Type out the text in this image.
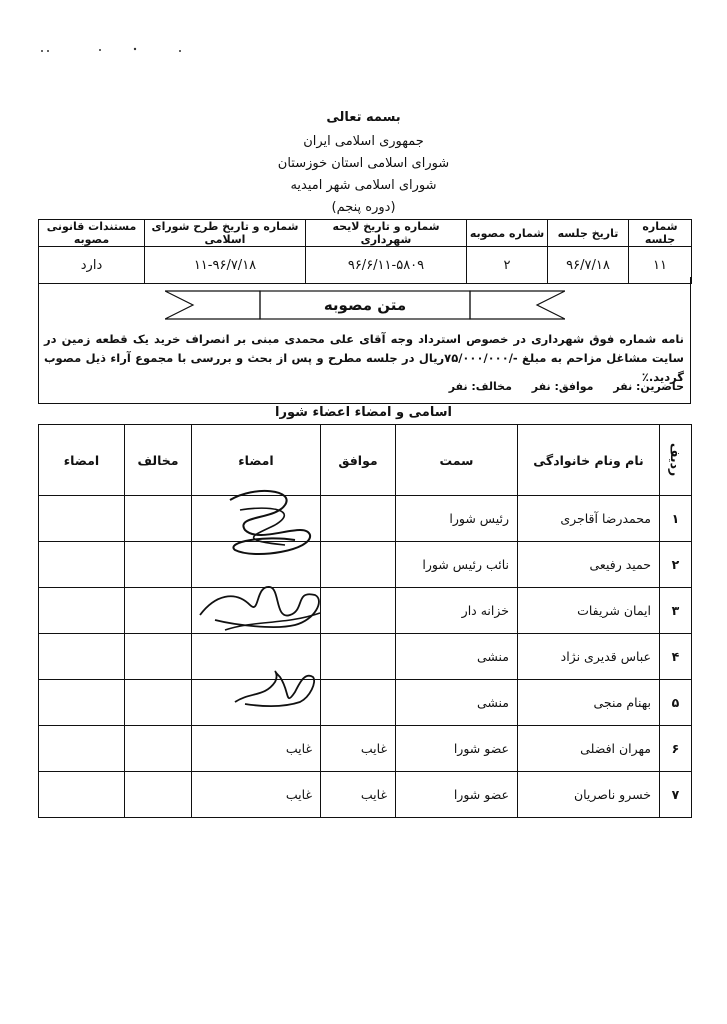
بسمه تعالی
جمهوری اسلامی ایران
شورای اسلامی استان خوزستان
شورای اسلامی شهر امیدیه
(دوره پنجم)
شماره جلسه	تاریخ جلسه	شماره مصوبه	شماره و تاریخ لایحه شهرداری	شماره و تاریخ طرح شورای اسلامی	مستندات قانونی مصوبه
۱۱	۹۶/۷/۱۸	۲	۹۶/۶/۱۱-۵۸۰۹	۱۱-۹۶/۷/۱۸	دارد
متن مصوبه
نامه شماره فوق شهرداری در خصوص استرداد وجه آقای علی محمدی مبنی بر انصراف خرید یک قطعه زمین در سایت مشاغل مزاحم به مبلغ -/۷۵/۰۰۰/۰۰۰ریال در جلسه مطرح و پس از بحث و بررسی با مجموع آراء ذیل مصوب گردید.٪
حاضرین: نفر موافق: نفر مخالف: نفر
اسامی و امضاء اعضاء شورا
ردیف	نام ونام خانوادگی	سمت	موافق	امضاء	مخالف	امضاء
۱	محمدرضا آقاجری	رئیس شورا				
۲	حمید رفیعی	نائب رئیس شورا				
۳	ایمان شریفات	خزانه دار				
۴	عباس قدیری نژاد	منشی				
۵	بهنام منجی	منشی				
۶	مهران افضلی	عضو شورا	غایب	غایب		
۷	خسرو ناصریان	عضو شورا	غایب	غایب		
